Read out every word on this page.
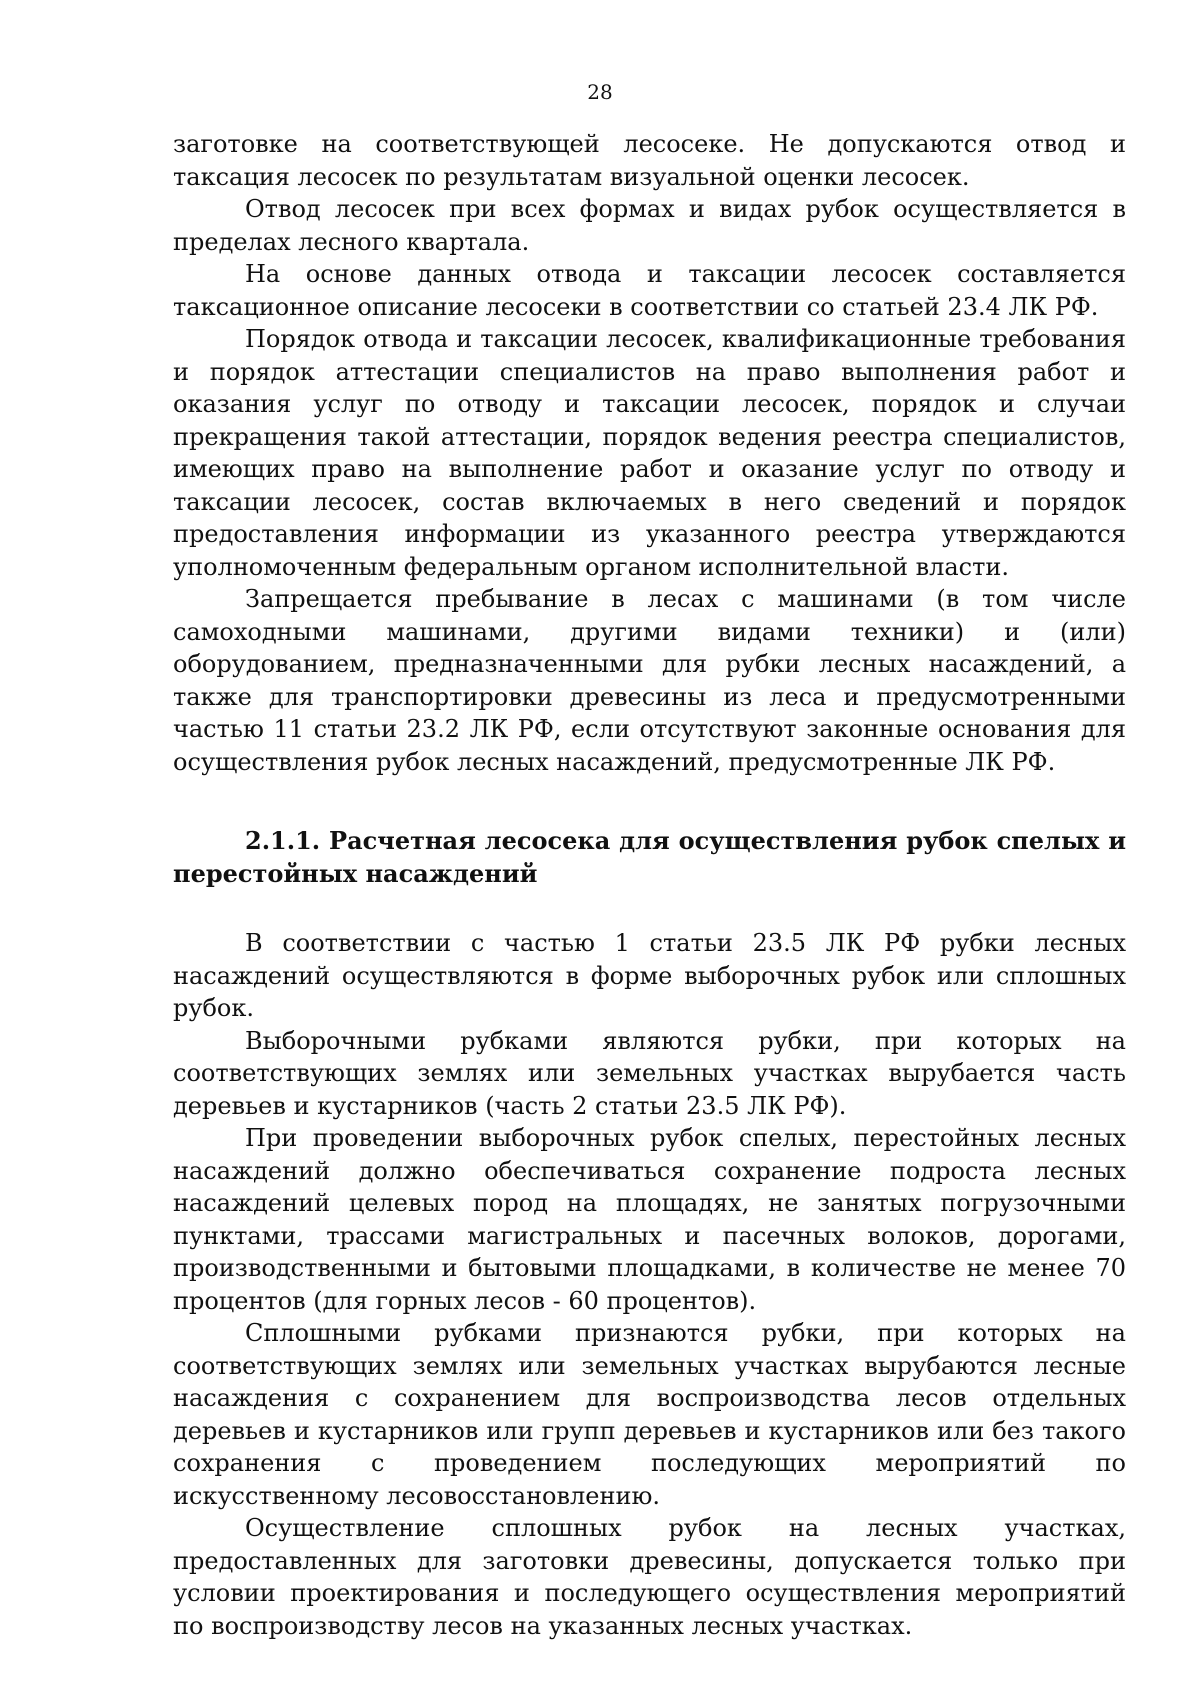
28

заготовке на соответствующей лесосеке. Не допускаются отвод и таксация лесосек по результатам визуальной оценки лесосек.

Отвод лесосек при всех формах и видах рубок осуществляется в пределах лесного квартала.

На основе данных отвода и таксации лесосек составляется таксационное описание лесосеки в соответствии со статьей 23.4 ЛК РФ.

Порядок отвода и таксации лесосек, квалификационные требования и порядок аттестации специалистов на право выполнения работ и оказания услуг по отводу и таксации лесосек, порядок и случаи прекращения такой аттестации, порядок ведения реестра специалистов, имеющих право на выполнение работ и оказание услуг по отводу и таксации лесосек, состав включаемых в него сведений и порядок предоставления информации из указанного реестра утверждаются уполномоченным федеральным органом исполнительной власти.

Запрещается пребывание в лесах с машинами (в том числе самоходными машинами, другими видами техники) и (или) оборудованием, предназначенными для рубки лесных насаждений, а также для транспортировки древесины из леса и предусмотренными частью 11 статьи 23.2 ЛК РФ, если отсутствуют законные основания для осуществления рубок лесных насаждений, предусмотренные ЛК РФ.

2.1.1. Расчетная лесосека для осуществления рубок спелых и перестойных насаждений

В соответствии с частью 1 статьи 23.5 ЛК РФ рубки лесных насаждений осуществляются в форме выборочных рубок или сплошных рубок.

Выборочными рубками являются рубки, при которых на соответствующих землях или земельных участках вырубается часть деревьев и кустарников (часть 2 статьи 23.5 ЛК РФ).

При проведении выборочных рубок спелых, перестойных лесных насаждений должно обеспечиваться сохранение подроста лесных насаждений целевых пород на площадях, не занятых погрузочными пунктами, трассами магистральных и пасечных волоков, дорогами, производственными и бытовыми площадками, в количестве не менее 70 процентов (для горных лесов - 60 процентов).

Сплошными рубками признаются рубки, при которых на соответствующих землях или земельных участках вырубаются лесные насаждения с сохранением для воспроизводства лесов отдельных деревьев и кустарников или групп деревьев и кустарников или без такого сохранения с проведением последующих мероприятий по искусственному лесовосстановлению.

Осуществление сплошных рубок на лесных участках, предоставленных для заготовки древесины, допускается только при условии проектирования и последующего осуществления мероприятий по воспроизводству лесов на указанных лесных участках.
